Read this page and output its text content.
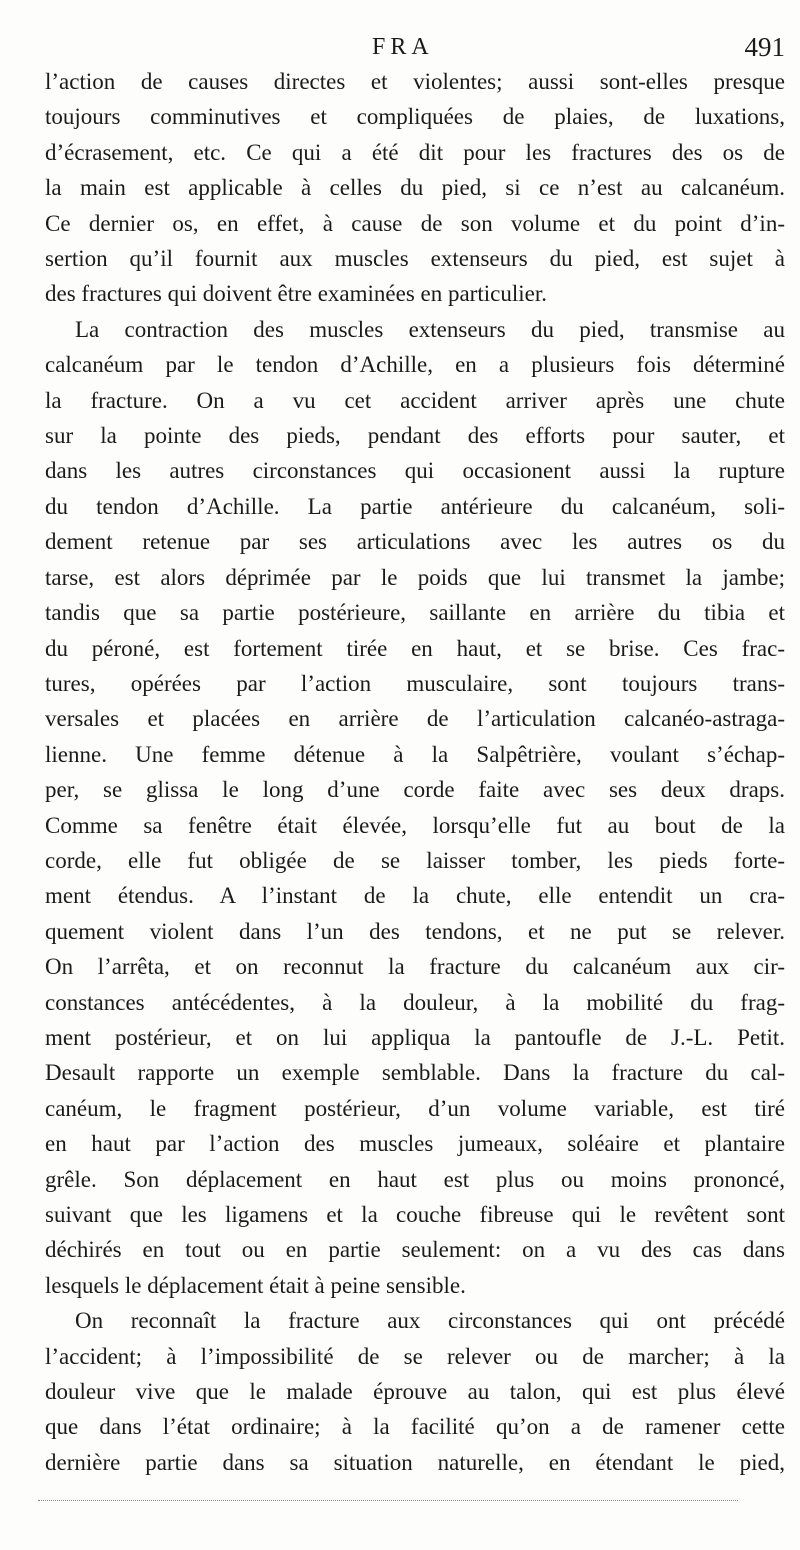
FRA	491
l’action de causes directes et violentes; aussi sont-elles presque
toujours comminutives et compliquées de plaies, de luxations,
d’écrasement, etc. Ce qui a été dit pour les fractures des os de
la main est applicable à celles du pied, si ce n’est au calcanéum.
Ce dernier os, en effet, à cause de son volume et du point d’in-
sertion qu’il fournit aux muscles extenseurs du pied, est sujet à
des fractures qui doivent être examinées en particulier.
La contraction des muscles extenseurs du pied, transmise au
calcanéum par le tendon d’Achille, en a plusieurs fois déterminé
la fracture. On a vu cet accident arriver après une chute
sur la pointe des pieds, pendant des efforts pour sauter, et
dans les autres circonstances qui occasionent aussi la rupture
du tendon d’Achille. La partie antérieure du calcanéum, soli-
dement retenue par ses articulations avec les autres os du
tarse, est alors déprimée par le poids que lui transmet la jambe;
tandis que sa partie postérieure, saillante en arrière du tibia et
du péroné, est fortement tirée en haut, et se brise. Ces frac-
tures, opérées par l’action musculaire, sont toujours trans-
versales et placées en arrière de l’articulation calcanéo-astraga-
lienne. Une femme détenue à la Salpêtrière, voulant s’échap-
per, se glissa le long d’une corde faite avec ses deux draps.
Comme sa fenêtre était élevée, lorsqu’elle fut au bout de la
corde, elle fut obligée de se laisser tomber, les pieds forte-
ment étendus. A l’instant de la chute, elle entendit un cra-
quement violent dans l’un des tendons, et ne put se relever.
On l’arrêta, et on reconnut la fracture du calcanéum aux cir-
constances antécédentes, à la douleur, à la mobilité du frag-
ment postérieur, et on lui appliqua la pantoufle de J.-L. Petit.
Desault rapporte un exemple semblable. Dans la fracture du cal-
canéum, le fragment postérieur, d’un volume variable, est tiré
en haut par l’action des muscles jumeaux, soléaire et plantaire
grêle. Son déplacement en haut est plus ou moins prononcé,
suivant que les ligamens et la couche fibreuse qui le revêtent sont
déchirés en tout ou en partie seulement: on a vu des cas dans
lesquels le déplacement était à peine sensible.
On reconnaît la fracture aux circonstances qui ont précédé
l’accident; à l’impossibilité de se relever ou de marcher; à la
douleur vive que le malade éprouve au talon, qui est plus élevé
que dans l’état ordinaire; à la facilité qu’on a de ramener cette
dernière partie dans sa situation naturelle, en étendant le pied,
